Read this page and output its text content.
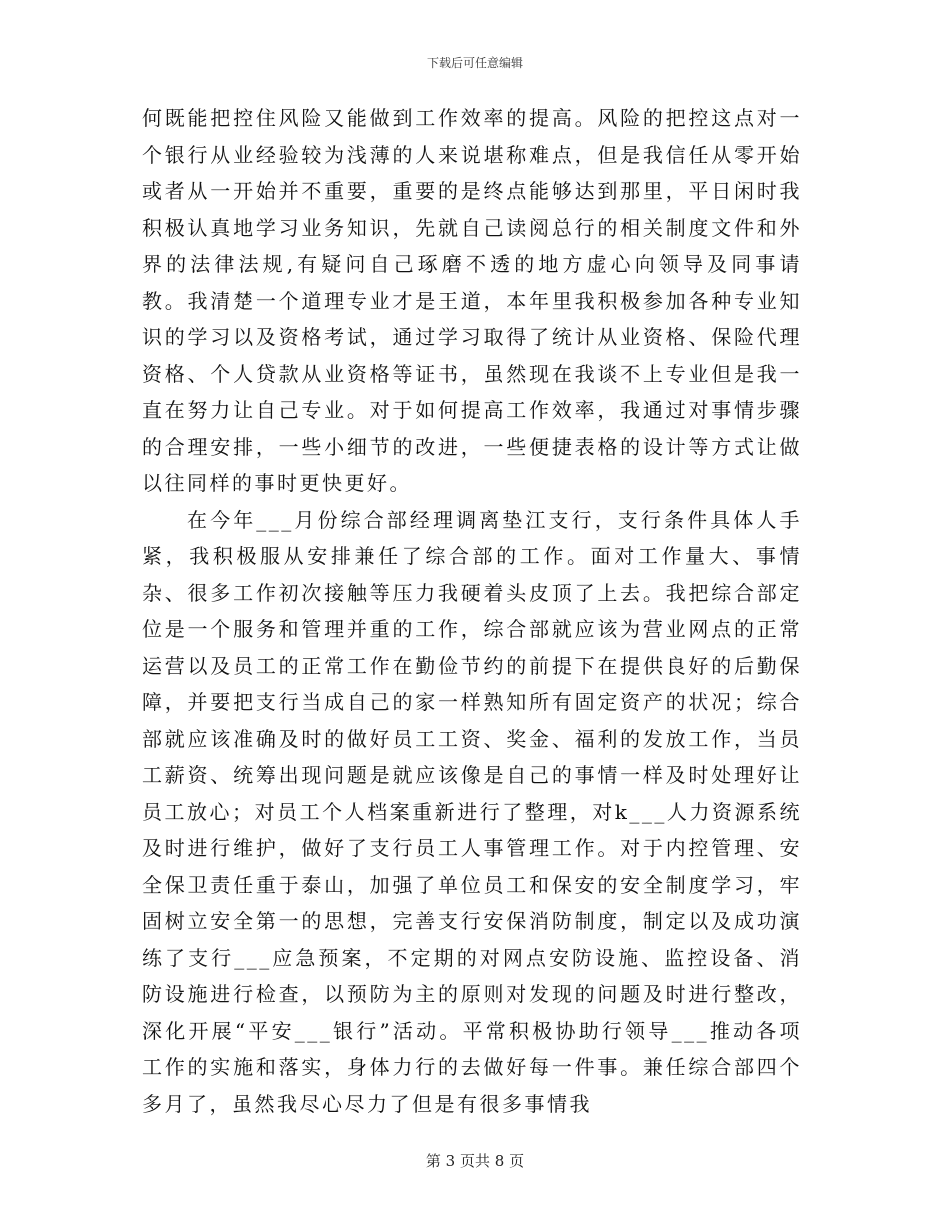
下载后可任意编辑

何既能把控住风险又能做到工作效率的提高。风险的把控这点对一个银行从业经验较为浅薄的人来说堪称难点，但是我信任从零开始或者从一开始并不重要，重要的是终点能够达到那里，平日闲时我积极认真地学习业务知识，先就自己读阅总行的相关制度文件和外界的法律法规,有疑问自己琢磨不透的地方虚心向领导及同事请教。我清楚一个道理专业才是王道，本年里我积极参加各种专业知识的学习以及资格考试，通过学习取得了统计从业资格、保险代理资格、个人贷款从业资格等证书，虽然现在我谈不上专业但是我一直在努力让自己专业。对于如何提高工作效率，我通过对事情步骤的合理安排，一些小细节的改进，一些便捷表格的设计等方式让做以往同样的事时更快更好。

在今年___月份综合部经理调离垫江支行，支行条件具体人手紧，我积极服从安排兼任了综合部的工作。面对工作量大、事情杂、很多工作初次接触等压力我硬着头皮顶了上去。我把综合部定位是一个服务和管理并重的工作，综合部就应该为营业网点的正常运营以及员工的正常工作在勤俭节约的前提下在提供良好的后勤保障，并要把支行当成自己的家一样熟知所有固定资产的状况；综合部就应该准确及时的做好员工工资、奖金、福利的发放工作，当员工薪资、统筹出现问题是就应该像是自己的事情一样及时处理好让员工放心；对员工个人档案重新进行了整理，对k___人力资源系统及时进行维护，做好了支行员工人事管理工作。对于内控管理、安全保卫责任重于泰山，加强了单位员工和保安的安全制度学习，牢固树立安全第一的思想，完善支行安保消防制度，制定以及成功演练了支行___应急预案，不定期的对网点安防设施、监控设备、消防设施进行检查，以预防为主的原则对发现的问题及时进行整改，深化开展“平安___银行”活动。平常积极协助行领导___推动各项工作的实施和落实，身体力行的去做好每一件事。兼任综合部四个多月了，虽然我尽心尽力了但是有很多事情我

第 3 页共 8 页
